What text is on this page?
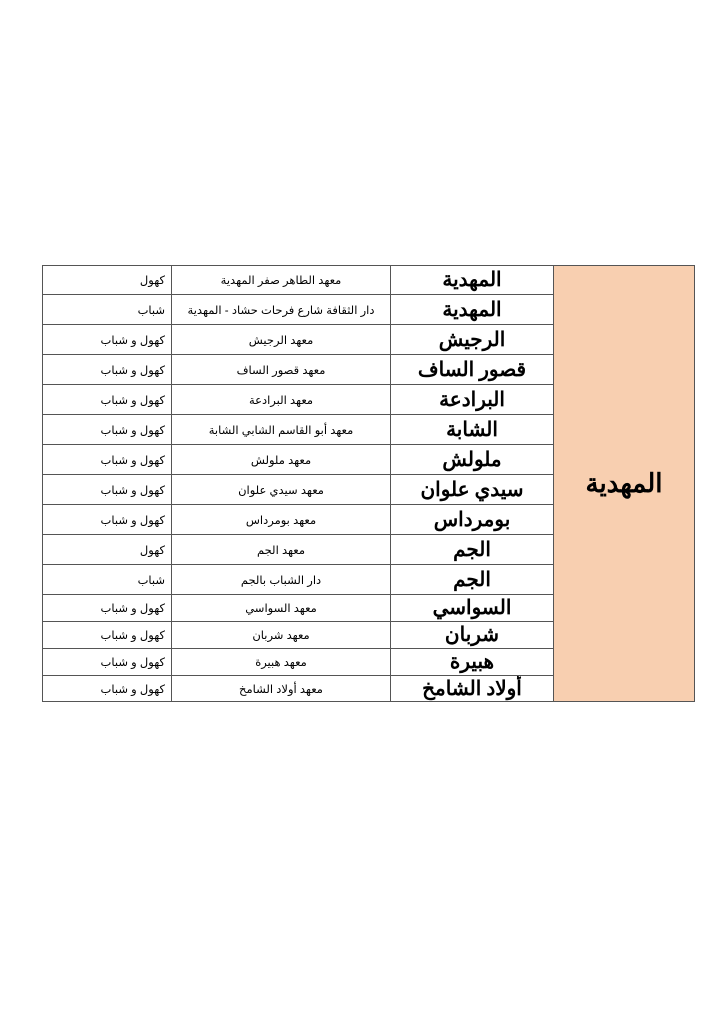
المهدية	المهدية	معهد الطاهر صفر المهدية	كهول
	المهدية	دار الثقافة شارع فرحات حشاد - المهدية	شباب
	الرجيش	معهد الرجيش	كهول و شباب
	قصور الساف	معهد قصور الساف	كهول و شباب
	البرادعة	معهد البرادعة	كهول و شباب
	الشابة	معهد أبو القاسم الشابي الشابة	كهول و شباب
	ملولش	معهد ملولش	كهول و شباب
	سيدي علوان	معهد سيدي علوان	كهول و شباب
	بومرداس	معهد بومرداس	كهول و شباب
	الجم	معهد الجم	كهول
	الجم	دار الشباب بالجم	شباب
	السواسي	معهد السواسي	كهول و شباب
	شربان	معهد شربان	كهول و شباب
	هبيرة	معهد هبيرة	كهول و شباب
	أولاد الشامخ	معهد أولاد الشامخ	كهول و شباب
